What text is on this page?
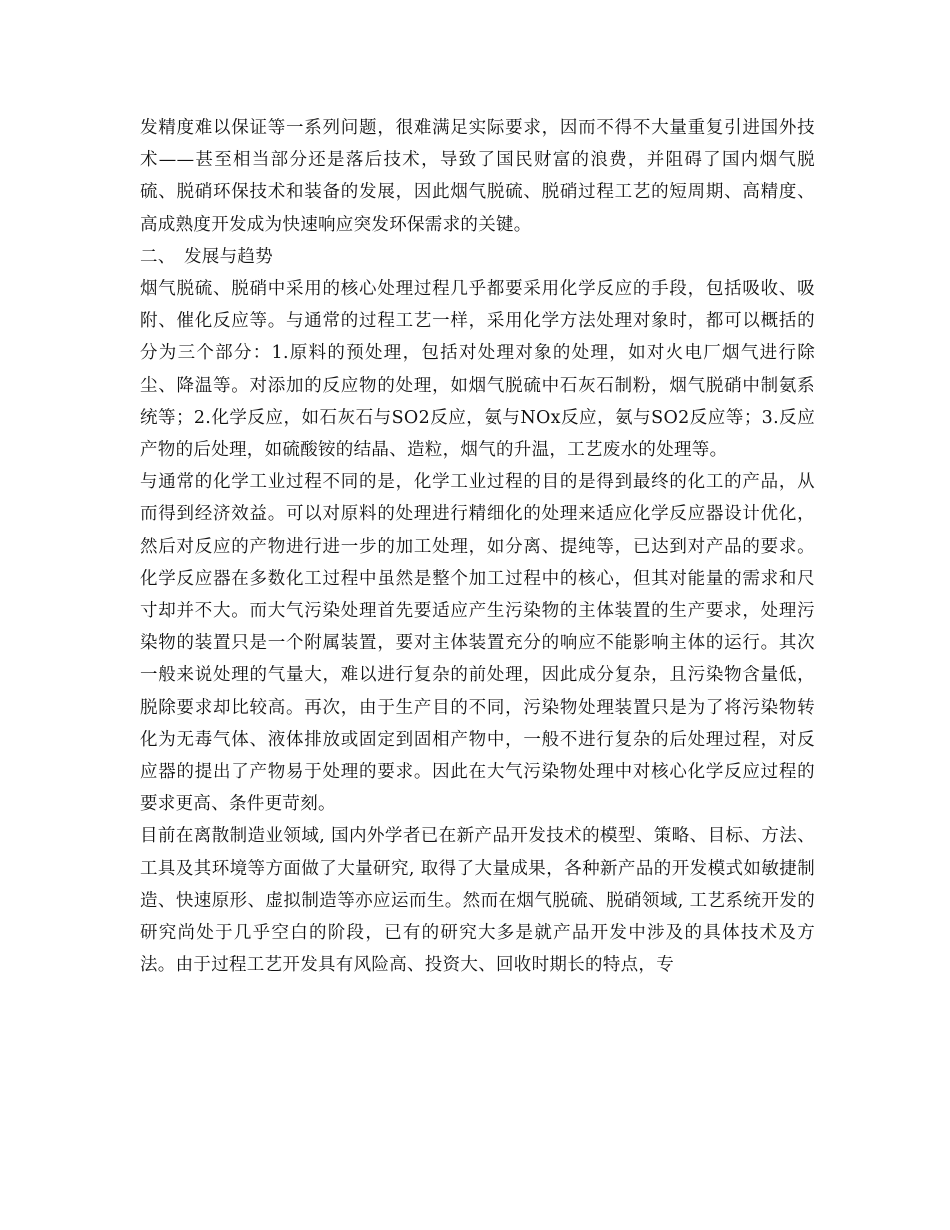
发精度难以保证等一系列问题，很难满足实际要求，因而不得不大量重复引进国外技术——甚至相当部分还是落后技术，导致了国民财富的浪费，并阻碍了国内烟气脱硫、脱硝环保技术和装备的发展，因此烟气脱硫、脱硝过程工艺的短周期、高精度、高成熟度开发成为快速响应突发环保需求的关键。

二、 发展与趋势

烟气脱硫、脱硝中采用的核心处理过程几乎都要采用化学反应的手段，包括吸收、吸附、催化反应等。与通常的过程工艺一样，采用化学方法处理对象时，都可以概括的分为三个部分：1.原料的预处理，包括对处理对象的处理，如对火电厂烟气进行除尘、降温等。对添加的反应物的处理，如烟气脱硫中石灰石制粉，烟气脱硝中制氨系统等；2.化学反应，如石灰石与SO2反应，氨与NOx反应，氨与SO2反应等；3.反应产物的后处理，如硫酸铵的结晶、造粒，烟气的升温，工艺废水的处理等。

与通常的化学工业过程不同的是，化学工业过程的目的是得到最终的化工的产品，从而得到经济效益。可以对原料的处理进行精细化的处理来适应化学反应器设计优化，然后对反应的产物进行进一步的加工处理，如分离、提纯等，已达到对产品的要求。化学反应器在多数化工过程中虽然是整个加工过程中的核心，但其对能量的需求和尺寸却并不大。而大气污染处理首先要适应产生污染物的主体装置的生产要求，处理污染物的装置只是一个附属装置，要对主体装置充分的响应不能影响主体的运行。其次一般来说处理的气量大，难以进行复杂的前处理，因此成分复杂，且污染物含量低，脱除要求却比较高。再次，由于生产目的不同，污染物处理装置只是为了将污染物转化为无毒气体、液体排放或固定到固相产物中，一般不进行复杂的后处理过程，对反应器的提出了产物易于处理的要求。因此在大气污染物处理中对核心化学反应过程的要求更高、条件更苛刻。

目前在离散制造业领域, 国内外学者已在新产品开发技术的模型、策略、目标、方法、工具及其环境等方面做了大量研究, 取得了大量成果，各种新产品的开发模式如敏捷制造、快速原形、虚拟制造等亦应运而生。然而在烟气脱硫、脱硝领域, 工艺系统开发的研究尚处于几乎空白的阶段，已有的研究大多是就产品开发中涉及的具体技术及方法。由于过程工艺开发具有风险高、投资大、回收时期长的特点，专
